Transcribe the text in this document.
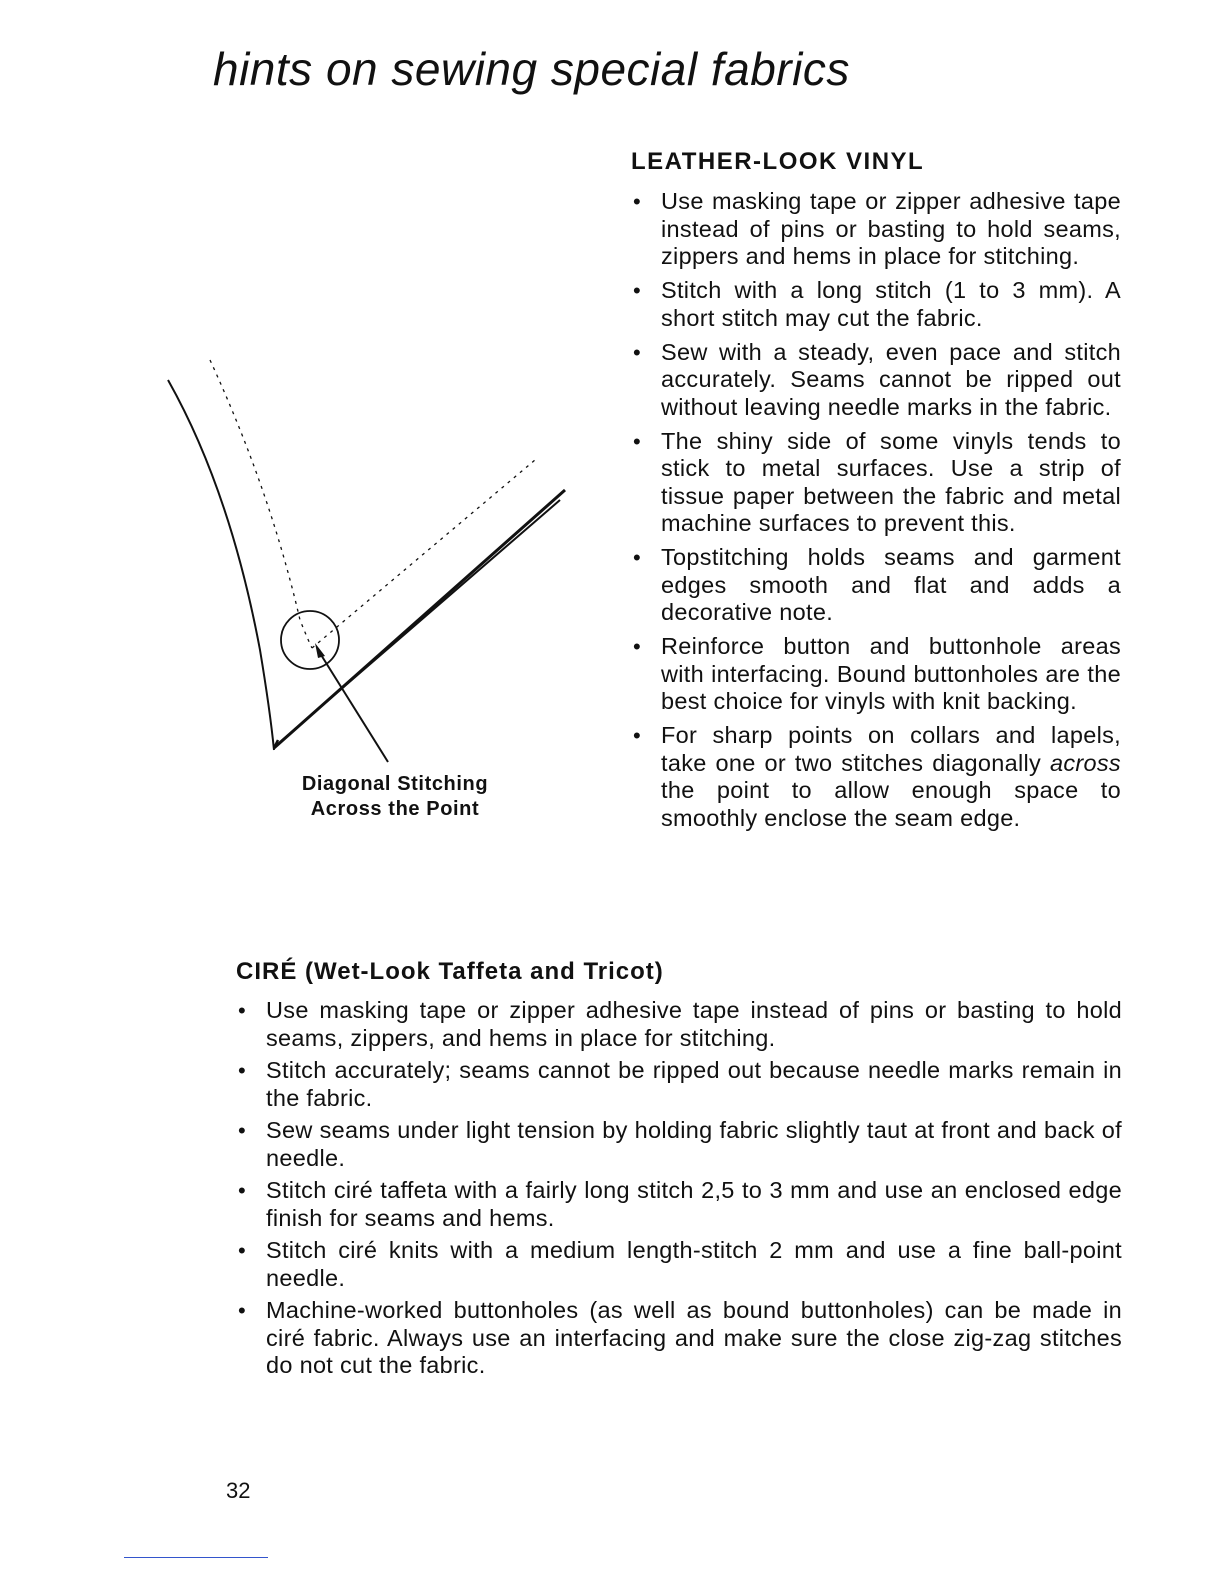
hints on sewing special fabrics
Diagonal Stitching
Across the Point
LEATHER-LOOK VINYL
• Use masking tape or zipper adhesive tape instead of pins or basting to hold seams, zippers and hems in place for stitching.
• Stitch with a long stitch (1 to 3 mm). A short stitch may cut the fabric.
• Sew with a steady, even pace and stitch accurately. Seams cannot be ripped out without leaving needle marks in the fabric.
• The shiny side of some vinyls tends to stick to metal surfaces. Use a strip of tissue paper between the fabric and metal machine surfaces to prevent this.
• Topstitching holds seams and garment edges smooth and flat and adds a decorative note.
• Reinforce button and buttonhole areas with interfacing. Bound buttonholes are the best choice for vinyls with knit backing.
• For sharp points on collars and lapels, take one or two stitches diagonally across the point to allow enough space to smoothly enclose the seam edge.
CIRÉ (Wet-Look Taffeta and Tricot)
• Use masking tape or zipper adhesive tape instead of pins or basting to hold seams, zippers, and hems in place for stitching.
• Stitch accurately; seams cannot be ripped out because needle marks remain in the fabric.
• Sew seams under light tension by holding fabric slightly taut at front and back of needle.
• Stitch ciré taffeta with a fairly long stitch 2,5 to 3 mm and use an enclosed edge finish for seams and hems.
• Stitch ciré knits with a medium length-stitch 2 mm and use a fine ball-point needle.
• Machine-worked buttonholes (as well as bound buttonholes) can be made in ciré fabric. Always use an interfacing and make sure the close zig-zag stitches do not cut the fabric.
32
